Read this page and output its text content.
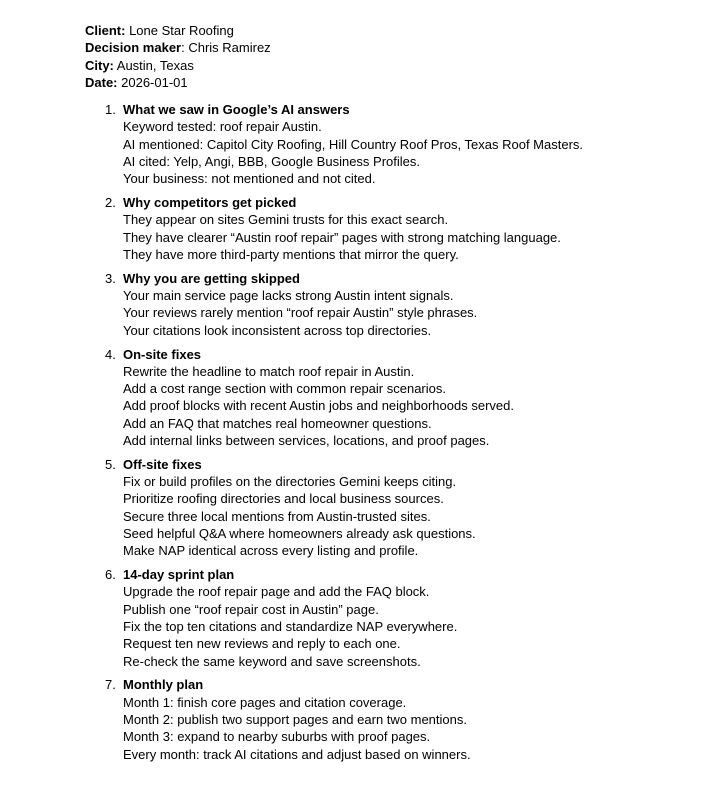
Client: Lone Star Roofing
Decision maker: Chris Ramirez
City: Austin, Texas
Date: 2026-01-01
1. What we saw in Google’s AI answers
Keyword tested: roof repair Austin.
AI mentioned: Capitol City Roofing, Hill Country Roof Pros, Texas Roof Masters.
AI cited: Yelp, Angi, BBB, Google Business Profiles.
Your business: not mentioned and not cited.
2. Why competitors get picked
They appear on sites Gemini trusts for this exact search.
They have clearer “Austin roof repair” pages with strong matching language.
They have more third-party mentions that mirror the query.
3. Why you are getting skipped
Your main service page lacks strong Austin intent signals.
Your reviews rarely mention “roof repair Austin” style phrases.
Your citations look inconsistent across top directories.
4. On-site fixes
Rewrite the headline to match roof repair in Austin.
Add a cost range section with common repair scenarios.
Add proof blocks with recent Austin jobs and neighborhoods served.
Add an FAQ that matches real homeowner questions.
Add internal links between services, locations, and proof pages.
5. Off-site fixes
Fix or build profiles on the directories Gemini keeps citing.
Prioritize roofing directories and local business sources.
Secure three local mentions from Austin-trusted sites.
Seed helpful Q&A where homeowners already ask questions.
Make NAP identical across every listing and profile.
6. 14-day sprint plan
Upgrade the roof repair page and add the FAQ block.
Publish one “roof repair cost in Austin” page.
Fix the top ten citations and standardize NAP everywhere.
Request ten new reviews and reply to each one.
Re-check the same keyword and save screenshots.
7. Monthly plan
Month 1: finish core pages and citation coverage.
Month 2: publish two support pages and earn two mentions.
Month 3: expand to nearby suburbs with proof pages.
Every month: track AI citations and adjust based on winners.
